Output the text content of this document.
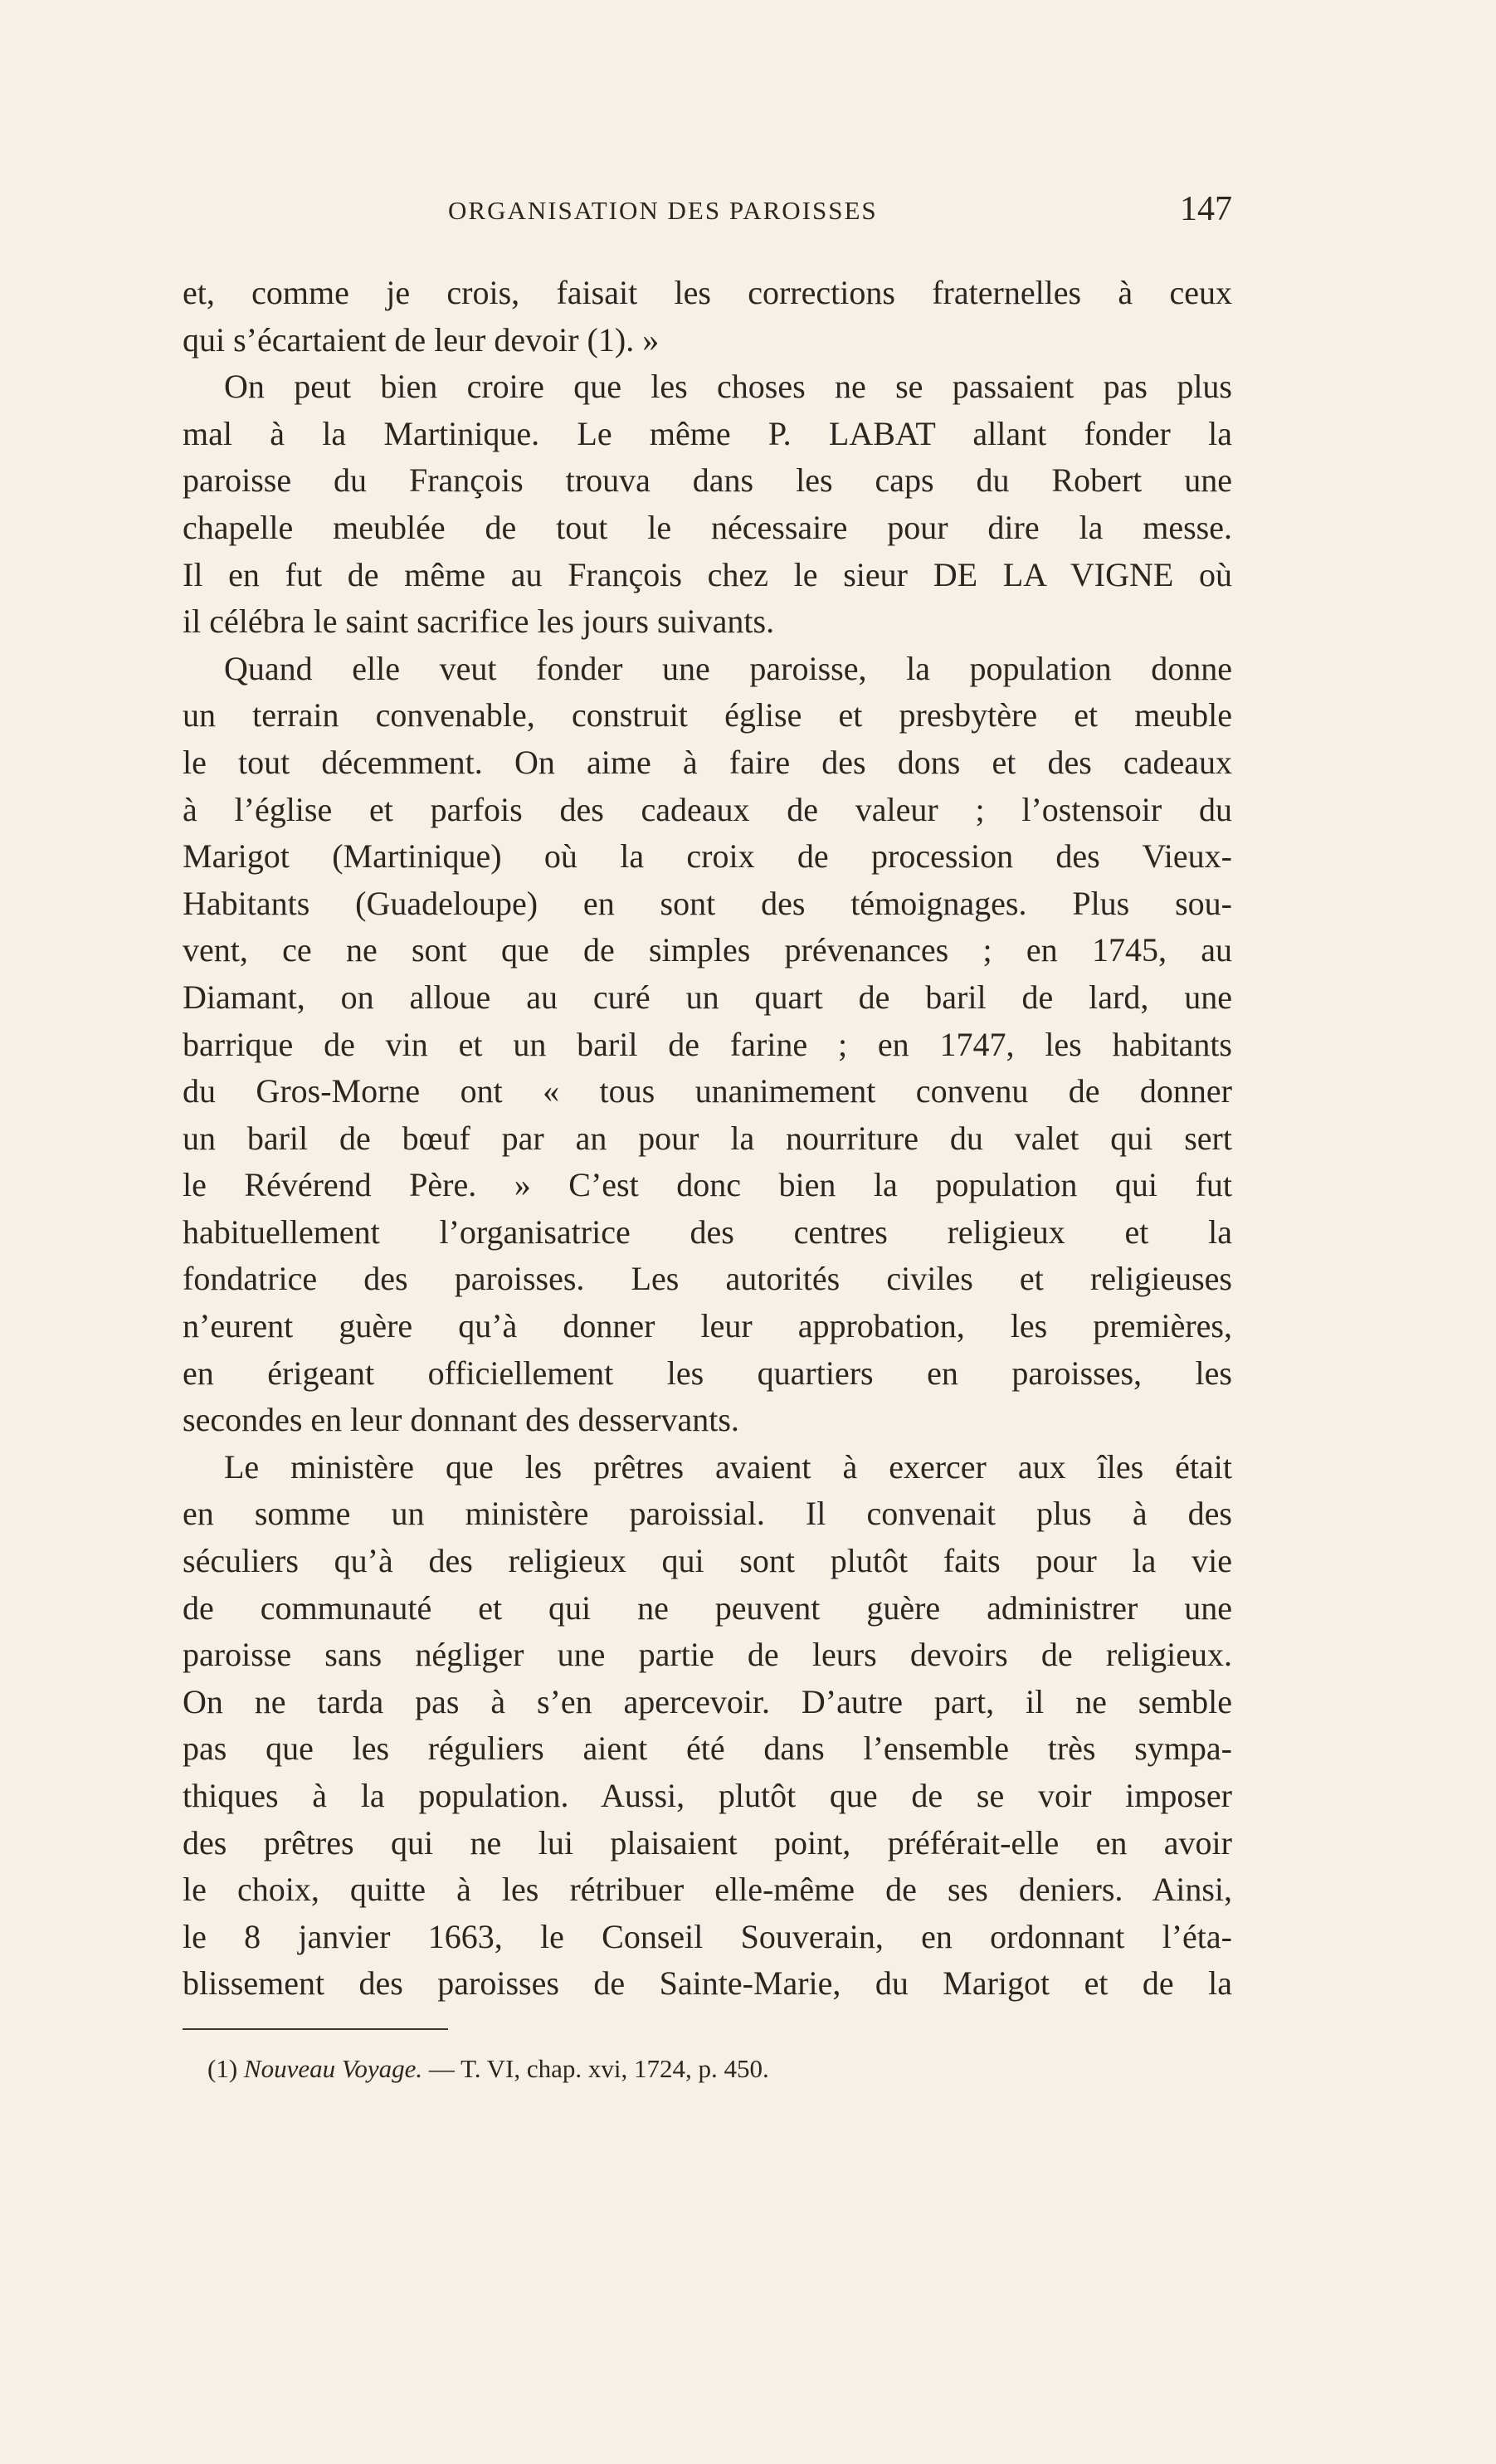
ORGANISATION DES PAROISSES	147
et, comme je crois, faisait les corrections fraternelles à ceux
qui s’écartaient de leur devoir (1). »
On peut bien croire que les choses ne se passaient pas plus
mal à la Martinique. Le même P. LABAT allant fonder la
paroisse du François trouva dans les caps du Robert une
chapelle meublée de tout le nécessaire pour dire la messe.
Il en fut de même au François chez le sieur DE LA VIGNE où
il célébra le saint sacrifice les jours suivants.
Quand elle veut fonder une paroisse, la population donne
un terrain convenable, construit église et presbytère et meuble
le tout décemment. On aime à faire des dons et des cadeaux
à l’église et parfois des cadeaux de valeur ; l’ostensoir du
Marigot (Martinique) où la croix de procession des Vieux-
Habitants (Guadeloupe) en sont des témoignages. Plus sou-
vent, ce ne sont que de simples prévenances ; en 1745, au
Diamant, on alloue au curé un quart de baril de lard, une
barrique de vin et un baril de farine ; en 1747, les habitants
du Gros-Morne ont « tous unanimement convenu de donner
un baril de bœuf par an pour la nourriture du valet qui sert
le Révérend Père. » C’est donc bien la population qui fut
habituellement l’organisatrice des centres religieux et la
fondatrice des paroisses. Les autorités civiles et religieuses
n’eurent guère qu’à donner leur approbation, les premières,
en érigeant officiellement les quartiers en paroisses, les
secondes en leur donnant des desservants.
Le ministère que les prêtres avaient à exercer aux îles était
en somme un ministère paroissial. Il convenait plus à des
séculiers qu’à des religieux qui sont plutôt faits pour la vie
de communauté et qui ne peuvent guère administrer une
paroisse sans négliger une partie de leurs devoirs de religieux.
On ne tarda pas à s’en apercevoir. D’autre part, il ne semble
pas que les réguliers aient été dans l’ensemble très sympa-
thiques à la population. Aussi, plutôt que de se voir imposer
des prêtres qui ne lui plaisaient point, préférait-elle en avoir
le choix, quitte à les rétribuer elle-même de ses deniers. Ainsi,
le 8 janvier 1663, le Conseil Souverain, en ordonnant l’éta-
blissement des paroisses de Sainte-Marie, du Marigot et de la
(1) Nouveau Voyage. — T. VI, chap. xvi, 1724, p. 450.
